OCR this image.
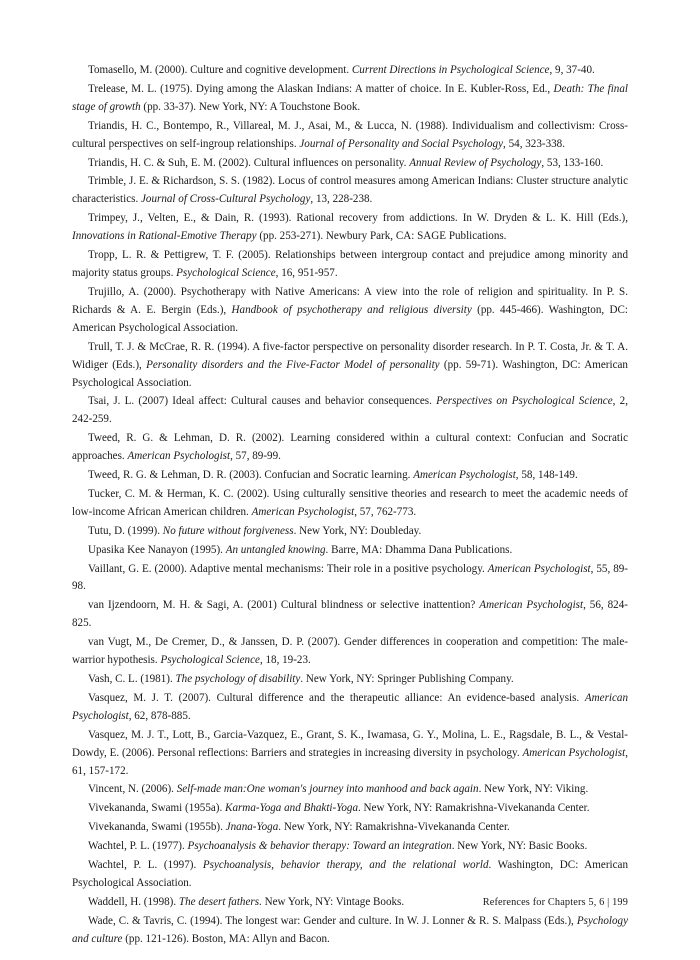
Tomasello, M. (2000). Culture and cognitive development. Current Directions in Psychological Science, 9, 37-40.

Trelease, M. L. (1975). Dying among the Alaskan Indians: A matter of choice. In E. Kubler-Ross, Ed., Death: The final stage of growth (pp. 33-37). New York, NY: A Touchstone Book.

Triandis, H. C., Bontempo, R., Villareal, M. J., Asai, M., & Lucca, N. (1988). Individualism and collectivism: Cross-cultural perspectives on self-ingroup relationships. Journal of Personality and Social Psychology, 54, 323-338.

Triandis, H. C. & Suh, E. M. (2002). Cultural influences on personality. Annual Review of Psychology, 53, 133-160.

Trimble, J. E. & Richardson, S. S. (1982). Locus of control measures among American Indians: Cluster structure analytic characteristics. Journal of Cross-Cultural Psychology, 13, 228-238.

Trimpey, J., Velten, E., & Dain, R. (1993). Rational recovery from addictions. In W. Dryden & L. K. Hill (Eds.), Innovations in Rational-Emotive Therapy (pp. 253-271). Newbury Park, CA: SAGE Publications.

Tropp, L. R. & Pettigrew, T. F. (2005). Relationships between intergroup contact and prejudice among minority and majority status groups. Psychological Science, 16, 951-957.

Trujillo, A. (2000). Psychotherapy with Native Americans: A view into the role of religion and spirituality. In P. S. Richards & A. E. Bergin (Eds.), Handbook of psychotherapy and religious diversity (pp. 445-466). Washington, DC: American Psychological Association.

Trull, T. J. & McCrae, R. R. (1994). A five-factor perspective on personality disorder research. In P. T. Costa, Jr. & T. A. Widiger (Eds.), Personality disorders and the Five-Factor Model of personality (pp. 59-71). Washington, DC: American Psychological Association.

Tsai, J. L. (2007) Ideal affect: Cultural causes and behavior consequences. Perspectives on Psychological Science, 2, 242-259.

Tweed, R. G. & Lehman, D. R. (2002). Learning considered within a cultural context: Confucian and Socratic approaches. American Psychologist, 57, 89-99.

Tweed, R. G. & Lehman, D. R. (2003). Confucian and Socratic learning. American Psychologist, 58, 148-149.

Tucker, C. M. & Herman, K. C. (2002). Using culturally sensitive theories and research to meet the academic needs of low-income African American children. American Psychologist, 57, 762-773.

Tutu, D. (1999). No future without forgiveness. New York, NY: Doubleday.

Upasika Kee Nanayon (1995). An untangled knowing. Barre, MA: Dhamma Dana Publications.

Vaillant, G. E. (2000). Adaptive mental mechanisms: Their role in a positive psychology. American Psychologist, 55, 89-98.

van Ijzendoorn, M. H. & Sagi, A. (2001) Cultural blindness or selective inattention? American Psychologist, 56, 824-825.

van Vugt, M., De Cremer, D., & Janssen, D. P. (2007). Gender differences in cooperation and competition: The male-warrior hypothesis. Psychological Science, 18, 19-23.

Vash, C. L. (1981). The psychology of disability. New York, NY: Springer Publishing Company.

Vasquez, M. J. T. (2007). Cultural difference and the therapeutic alliance: An evidence-based analysis. American Psychologist, 62, 878-885.

Vasquez, M. J. T., Lott, B., Garcia-Vazquez, E., Grant, S. K., Iwamasa, G. Y., Molina, L. E., Ragsdale, B. L., & Vestal-Dowdy, E. (2006). Personal reflections: Barriers and strategies in increasing diversity in psychology. American Psychologist, 61, 157-172.

Vincent, N. (2006). Self-made man:One woman's journey into manhood and back again. New York, NY: Viking.

Vivekananda, Swami (1955a). Karma-Yoga and Bhakti-Yoga. New York, NY: Ramakrishna-Vivekananda Center.

Vivekananda, Swami (1955b). Jnana-Yoga. New York, NY: Ramakrishna-Vivekananda Center.

Wachtel, P. L. (1977). Psychoanalysis & behavior therapy: Toward an integration. New York, NY: Basic Books.

Wachtel, P. L. (1997). Psychoanalysis, behavior therapy, and the relational world. Washington, DC: American Psychological Association.

Waddell, H. (1998). The desert fathers. New York, NY: Vintage Books.

Wade, C. & Tavris, C. (1994). The longest war: Gender and culture. In W. J. Lonner & R. S. Malpass (Eds.), Psychology and culture (pp. 121-126). Boston, MA: Allyn and Bacon.

References for Chapters 5, 6 | 199
